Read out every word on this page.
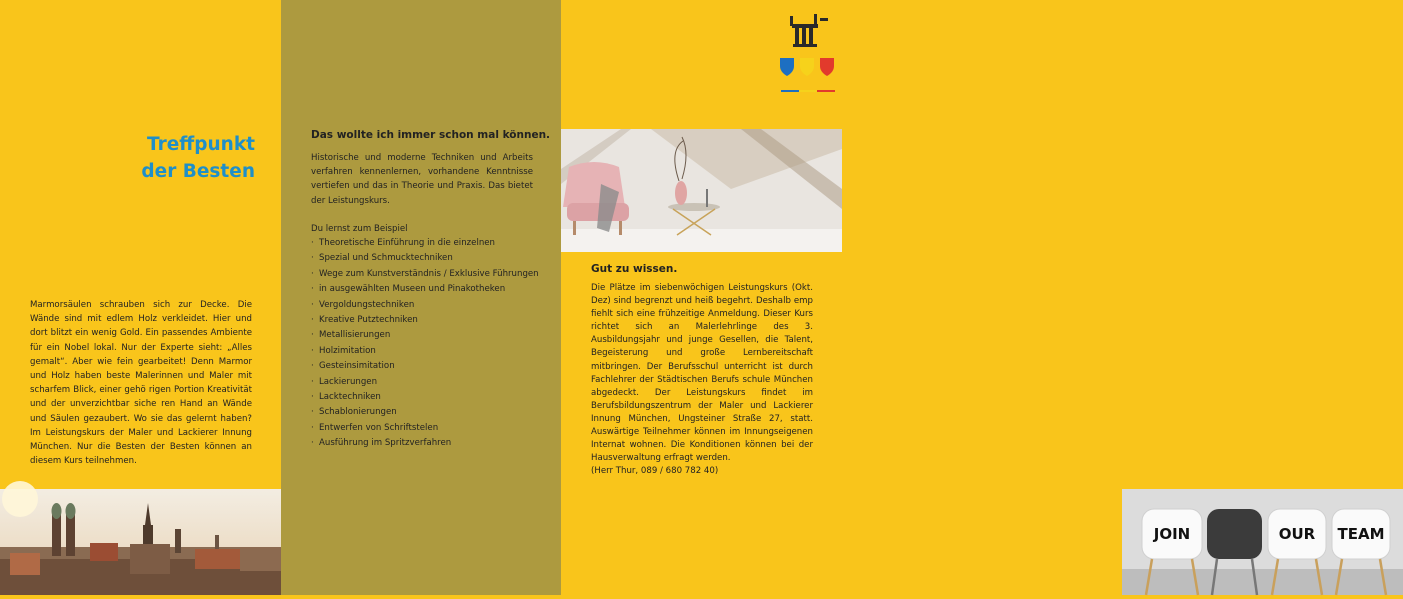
Treffpunkt
der Besten

Marmorsäulen schrauben sich zur Decke. Die Wände sind mit edlem Holz verkleidet. Hier und dort blitzt ein wenig Gold. Ein passendes Ambiente für ein Nobel lokal. Nur der Experte sieht: „Alles gemalt“. Aber wie fein gearbeitet! Denn Marmor und Holz haben beste Malerinnen und Maler mit scharfem Blick, einer gehö rigen Portion Kreativität und der unverzichtbar siche ren Hand an Wände und Säulen gezaubert. Wo sie das gelernt haben? Im Leistungskurs der Maler und Lackierer Innung München. Nur die Besten der Besten können an diesem Kurs teilnehmen.

Das wollte ich immer schon mal können.

Historische und moderne Techniken und Arbeits verfahren kennenlernen, vorhandene Kenntnisse vertiefen und das in Theorie und Praxis. Das bietet der Leistungskurs.

Du lernst zum Beispiel

· Theoretische Einführung in die einzelnen
· Spezial und Schmucktechniken
· Wege zum Kunstverständnis / Exklusive Führungen
· in ausgewählten Museen und Pinakotheken
· Vergoldungstechniken
· Kreative Putztechniken
· Metallisierungen
· Holzimitation
· Gesteinsimitation
· Lackierungen
· Lacktechniken
· Schablonierungen
· Entwerfen von Schriftstelen
· Ausführung im Spritzverfahren
Gut zu wissen.

Die Plätze im siebenwöchigen Leistungskurs (Okt. Dez) sind begrenzt und heiß begehrt. Deshalb emp fiehlt sich eine frühzeitige Anmeldung. Dieser Kurs richtet sich an Malerlehrlinge des 3. Ausbildungsjahr und junge Gesellen, die Talent, Begeisterung und große Lernbereitschaft mitbringen. Der Berufsschul unterricht ist durch Fachlehrer der Städtischen Berufs schule München abgedeckt. Der Leistungskurs findet im Berufsbildungszentrum der Maler und Lackierer Innung München, Ungsteiner Straße 27, statt. Auswärtige Teilnehmer können im Innungseigenen Internat wohnen. Die Konditionen können bei der Hausverwaltung erfragt werden.
(Herr Thur, 089 / 680 782 40)

JOIN	OUR TEAM
